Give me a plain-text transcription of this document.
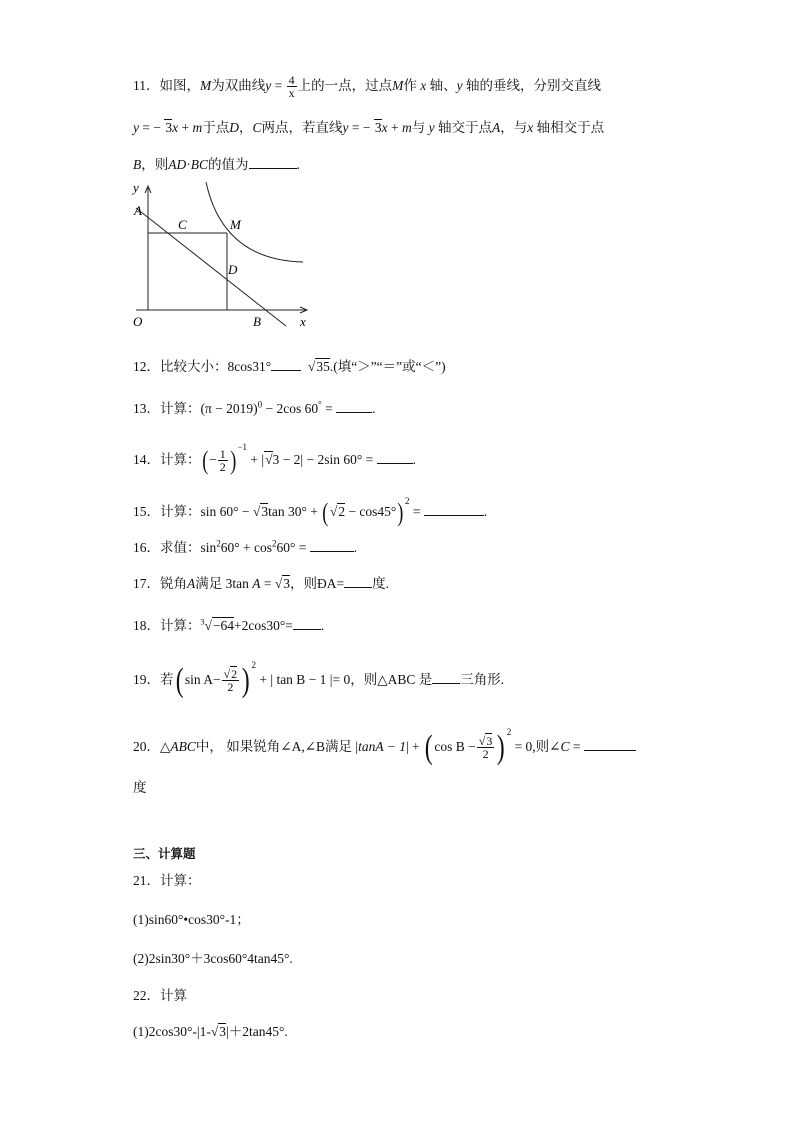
11．如图，M为双曲线$y = \frac{4}{x}$ 上的一点，过点M作 x 轴、y 轴的垂线，分别交直线
y = − 3x + m于点D，C两点，若直线y = − 3x + m与 y 轴交于点A，与x 轴相交于点
B，则AD·BC的值为	.
y
A
C	M
D
O	B	x
12．比较大小：8cos31°  √35.(填“＞”“＝”或“＜”)
13．计算：$(\pi - 2019)^0 - 2\cos$ 60° =	.
14．计算：(− $\frac{1}{2} )^{-1} + |√3 - 2| - 2\sin$ 60° =	.
15．计算：sin 60° − √3tan $30^\circ + (√2 - \cos 45^\circ)^2$ =	.
16．求值：$\sin^260^\circ + \cos^260^\circ$ =	.
17．锐角A满足 3tan A = √3，则ÐA= 度.
18．计算：$^3$√−64+2cos30°= .
19．若( $\sin A- \frac{√2}{2}$ ) $^2$ + | tan B − 1 |= 0，则△ABC 是 三角形.
20．△ABC中， 如果锐角∠A,∠B满足 |tanA − 1| + ( $\cos B - \frac{√3}{2}$ ) $^2$ = 0,则∠C =
度
三、计算题
21．计算：
(1)sin60°•cos30°-1；
(2)2sin30°＋3cos60°4tan45°.
22．计算
(1)2cos30°-|1-√3|＋2tan45°.
